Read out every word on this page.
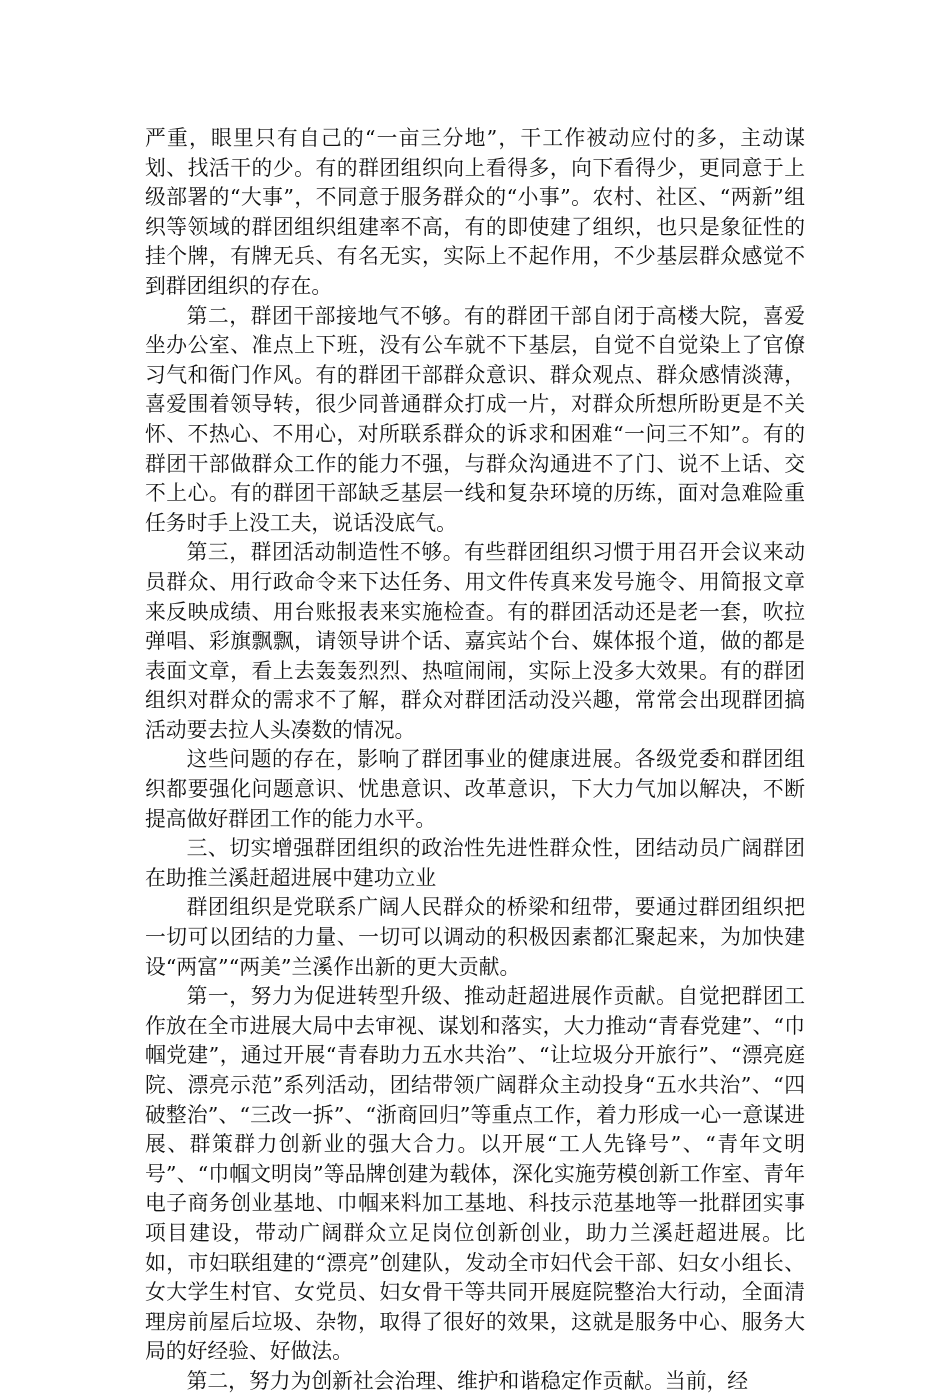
严重，眼里只有自己的“一亩三分地”，干工作被动应付的多，主动谋划、找活干的少。有的群团组织向上看得多，向下看得少，更同意于上级部署的“大事”，不同意于服务群众的“小事”。农村、社区、“两新”组织等领域的群团组织组建率不高，有的即使建了组织，也只是象征性的挂个牌，有牌无兵、有名无实，实际上不起作用，不少基层群众感觉不到群团组织的存在。

第二，群团干部接地气不够。有的群团干部自闭于高楼大院，喜爱坐办公室、准点上下班，没有公车就不下基层，自觉不自觉染上了官僚习气和衙门作风。有的群团干部群众意识、群众观点、群众感情淡薄，喜爱围着领导转，很少同普通群众打成一片，对群众所想所盼更是不关怀、不热心、不用心，对所联系群众的诉求和困难“一问三不知”。有的群团干部做群众工作的能力不强，与群众沟通进不了门、说不上话、交不上心。有的群团干部缺乏基层一线和复杂环境的历练，面对急难险重任务时手上没工夫，说话没底气。

第三，群团活动制造性不够。有些群团组织习惯于用召开会议来动员群众、用行政命令来下达任务、用文件传真来发号施令、用简报文章来反映成绩、用台账报表来实施检查。有的群团活动还是老一套，吹拉弹唱、彩旗飘飘，请领导讲个话、嘉宾站个台、媒体报个道，做的都是表面文章，看上去轰轰烈烈、热喧闹闹，实际上没多大效果。有的群团组织对群众的需求不了解，群众对群团活动没兴趣，常常会出现群团搞活动要去拉人头凑数的情况。

这些问题的存在，影响了群团事业的健康进展。各级党委和群团组织都要强化问题意识、忧患意识、改革意识，下大力气加以解决，不断提高做好群团工作的能力水平。

三、切实增强群团组织的政治性先进性群众性，团结动员广阔群团在助推兰溪赶超进展中建功立业

群团组织是党联系广阔人民群众的桥梁和纽带，要通过群团组织把一切可以团结的力量、一切可以调动的积极因素都汇聚起来，为加快建设“两富”“两美”兰溪作出新的更大贡献。

第一，努力为促进转型升级、推动赶超进展作贡献。自觉把群团工作放在全市进展大局中去审视、谋划和落实，大力推动“青春党建”、“巾帼党建”，通过开展“青春助力五水共治”、“让垃圾分开旅行”、“漂亮庭院、漂亮示范”系列活动，团结带领广阔群众主动投身“五水共治”、“四破整治”、“三改一拆”、“浙商回归”等重点工作，着力形成一心一意谋进展、群策群力创新业的强大合力。以开展“工人先锋号”、“青年文明号”、“巾帼文明岗”等品牌创建为载体，深化实施劳模创新工作室、青年电子商务创业基地、巾帼来料加工基地、科技示范基地等一批群团实事项目建设，带动广阔群众立足岗位创新创业，助力兰溪赶超进展。比如，市妇联组建的“漂亮”创建队，发动全市妇代会干部、妇女小组长、女大学生村官、女党员、妇女骨干等共同开展庭院整治大行动，全面清理房前屋后垃圾、杂物，取得了很好的效果，这就是服务中心、服务大局的好经验、好做法。

第二，努力为创新社会治理、维护和谐稳定作贡献。当前，经
